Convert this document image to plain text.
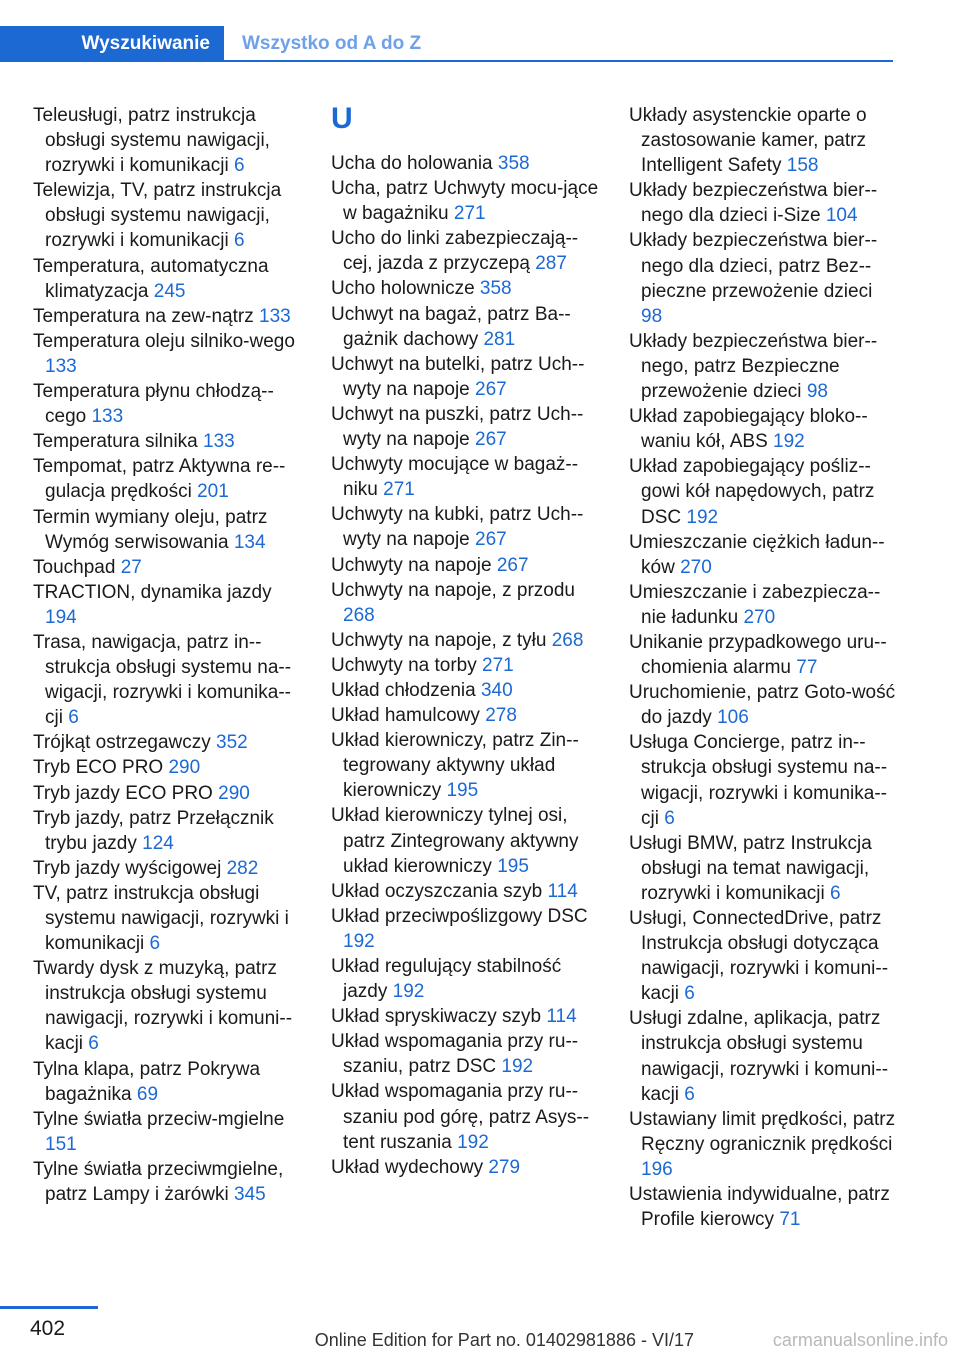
Wyszukiwanie	Wszystko od A do Z

Teleusługi, patrz instrukcja obsługi systemu nawigacji, rozrywki i komunikacji 6

Telewizja, TV, patrz instrukcja obsługi systemu nawigacji, rozrywki i komunikacji 6

Temperatura, automatyczna klimatyzacja 245

Temperatura na zew-nątrz 133

Temperatura oleju silniko-wego 133

Temperatura płynu chłodzą-cego 133

Temperatura silnika 133

Tempomat, patrz Aktywna re-gulacja prędkości 201

Termin wymiany oleju, patrz Wymóg serwisowania 134

Touchpad 27

TRACTION, dynamika jazdy 194

Trasa, nawigacja, patrz in-strukcja obsługi systemu na-wigacji, rozrywki i komunika-cji 6

Trójkąt ostrzegawczy 352

Tryb ECO PRO 290

Tryb jazdy ECO PRO 290

Tryb jazdy, patrz Przełącznik trybu jazdy 124

Tryb jazdy wyścigowej 282

TV, patrz instrukcja obsługi systemu nawigacji, rozrywki i komunikacji 6

Twardy dysk z muzyką, patrz instrukcja obsługi systemu nawigacji, rozrywki i komuni-kacji 6

Tylna klapa, patrz Pokrywa bagażnika 69

Tylne światła przeciw-mgielne 151

Tylne światła przeciwmgielne, patrz Lampy i żarówki 345

U

Ucha do holowania 358

Ucha, patrz Uchwyty mocu-jące w bagażniku 271

Ucho do linki zabezpieczają-cej, jazda z przyczepą 287

Ucho holownicze 358

Uchwyt na bagaż, patrz Ba-gażnik dachowy 281

Uchwyt na butelki, patrz Uch-wyty na napoje 267

Uchwyt na puszki, patrz Uch-wyty na napoje 267

Uchwyty mocujące w bagaż-niku 271

Uchwyty na kubki, patrz Uch-wyty na napoje 267

Uchwyty na napoje 267

Uchwyty na napoje, z przodu 268

Uchwyty na napoje, z tyłu 268

Uchwyty na torby 271

Układ chłodzenia 340

Układ hamulcowy 278

Układ kierowniczy, patrz Zin-tegrowany aktywny układ kierowniczy 195

Układ kierowniczy tylnej osi, patrz Zintegrowany aktywny układ kierowniczy 195

Układ oczyszczania szyb 114

Układ przeciwpoślizgowy DSC 192

Układ regulujący stabilność jazdy 192

Układ spryskiwaczy szyb 114

Układ wspomagania przy ru-szaniu, patrz DSC 192

Układ wspomagania przy ru-szaniu pod górę, patrz Asys-tent ruszania 192

Układ wydechowy 279

Układy asystenckie oparte o zastosowanie kamer, patrz Intelligent Safety 158

Układy bezpieczeństwa bier-nego dla dzieci i-Size 104

Układy bezpieczeństwa bier-nego dla dzieci, patrz Bez-pieczne przewożenie dzieci 98

Układy bezpieczeństwa bier-nego, patrz Bezpieczne przewożenie dzieci 98

Układ zapobiegający bloko-waniu kół, ABS 192

Układ zapobiegający pośliz-gowi kół napędowych, patrz DSC 192

Umieszczanie ciężkich ładun-ków 270

Umieszczanie i zabezpiecza-nie ładunku 270

Unikanie przypadkowego uru-chomienia alarmu 77

Uruchomienie, patrz Goto-wość do jazdy 106

Usługa Concierge, patrz in-strukcja obsługi systemu na-wigacji, rozrywki i komunika-cji 6

Usługi BMW, patrz Instrukcja obsługi na temat nawigacji, rozrywki i komunikacji 6

Usługi, ConnectedDrive, patrz Instrukcja obsługi dotycząca nawigacji, rozrywki i komuni-kacji 6

Usługi zdalne, aplikacja, patrz instrukcja obsługi systemu nawigacji, rozrywki i komuni-kacji 6

Ustawiany limit prędkości, patrz Ręczny ogranicznik prędkości 196

Ustawienia indywidualne, patrz Profile kierowcy 71

402	Online Edition for Part no. 01402981886 - VI/17	carmanualsonline.info
